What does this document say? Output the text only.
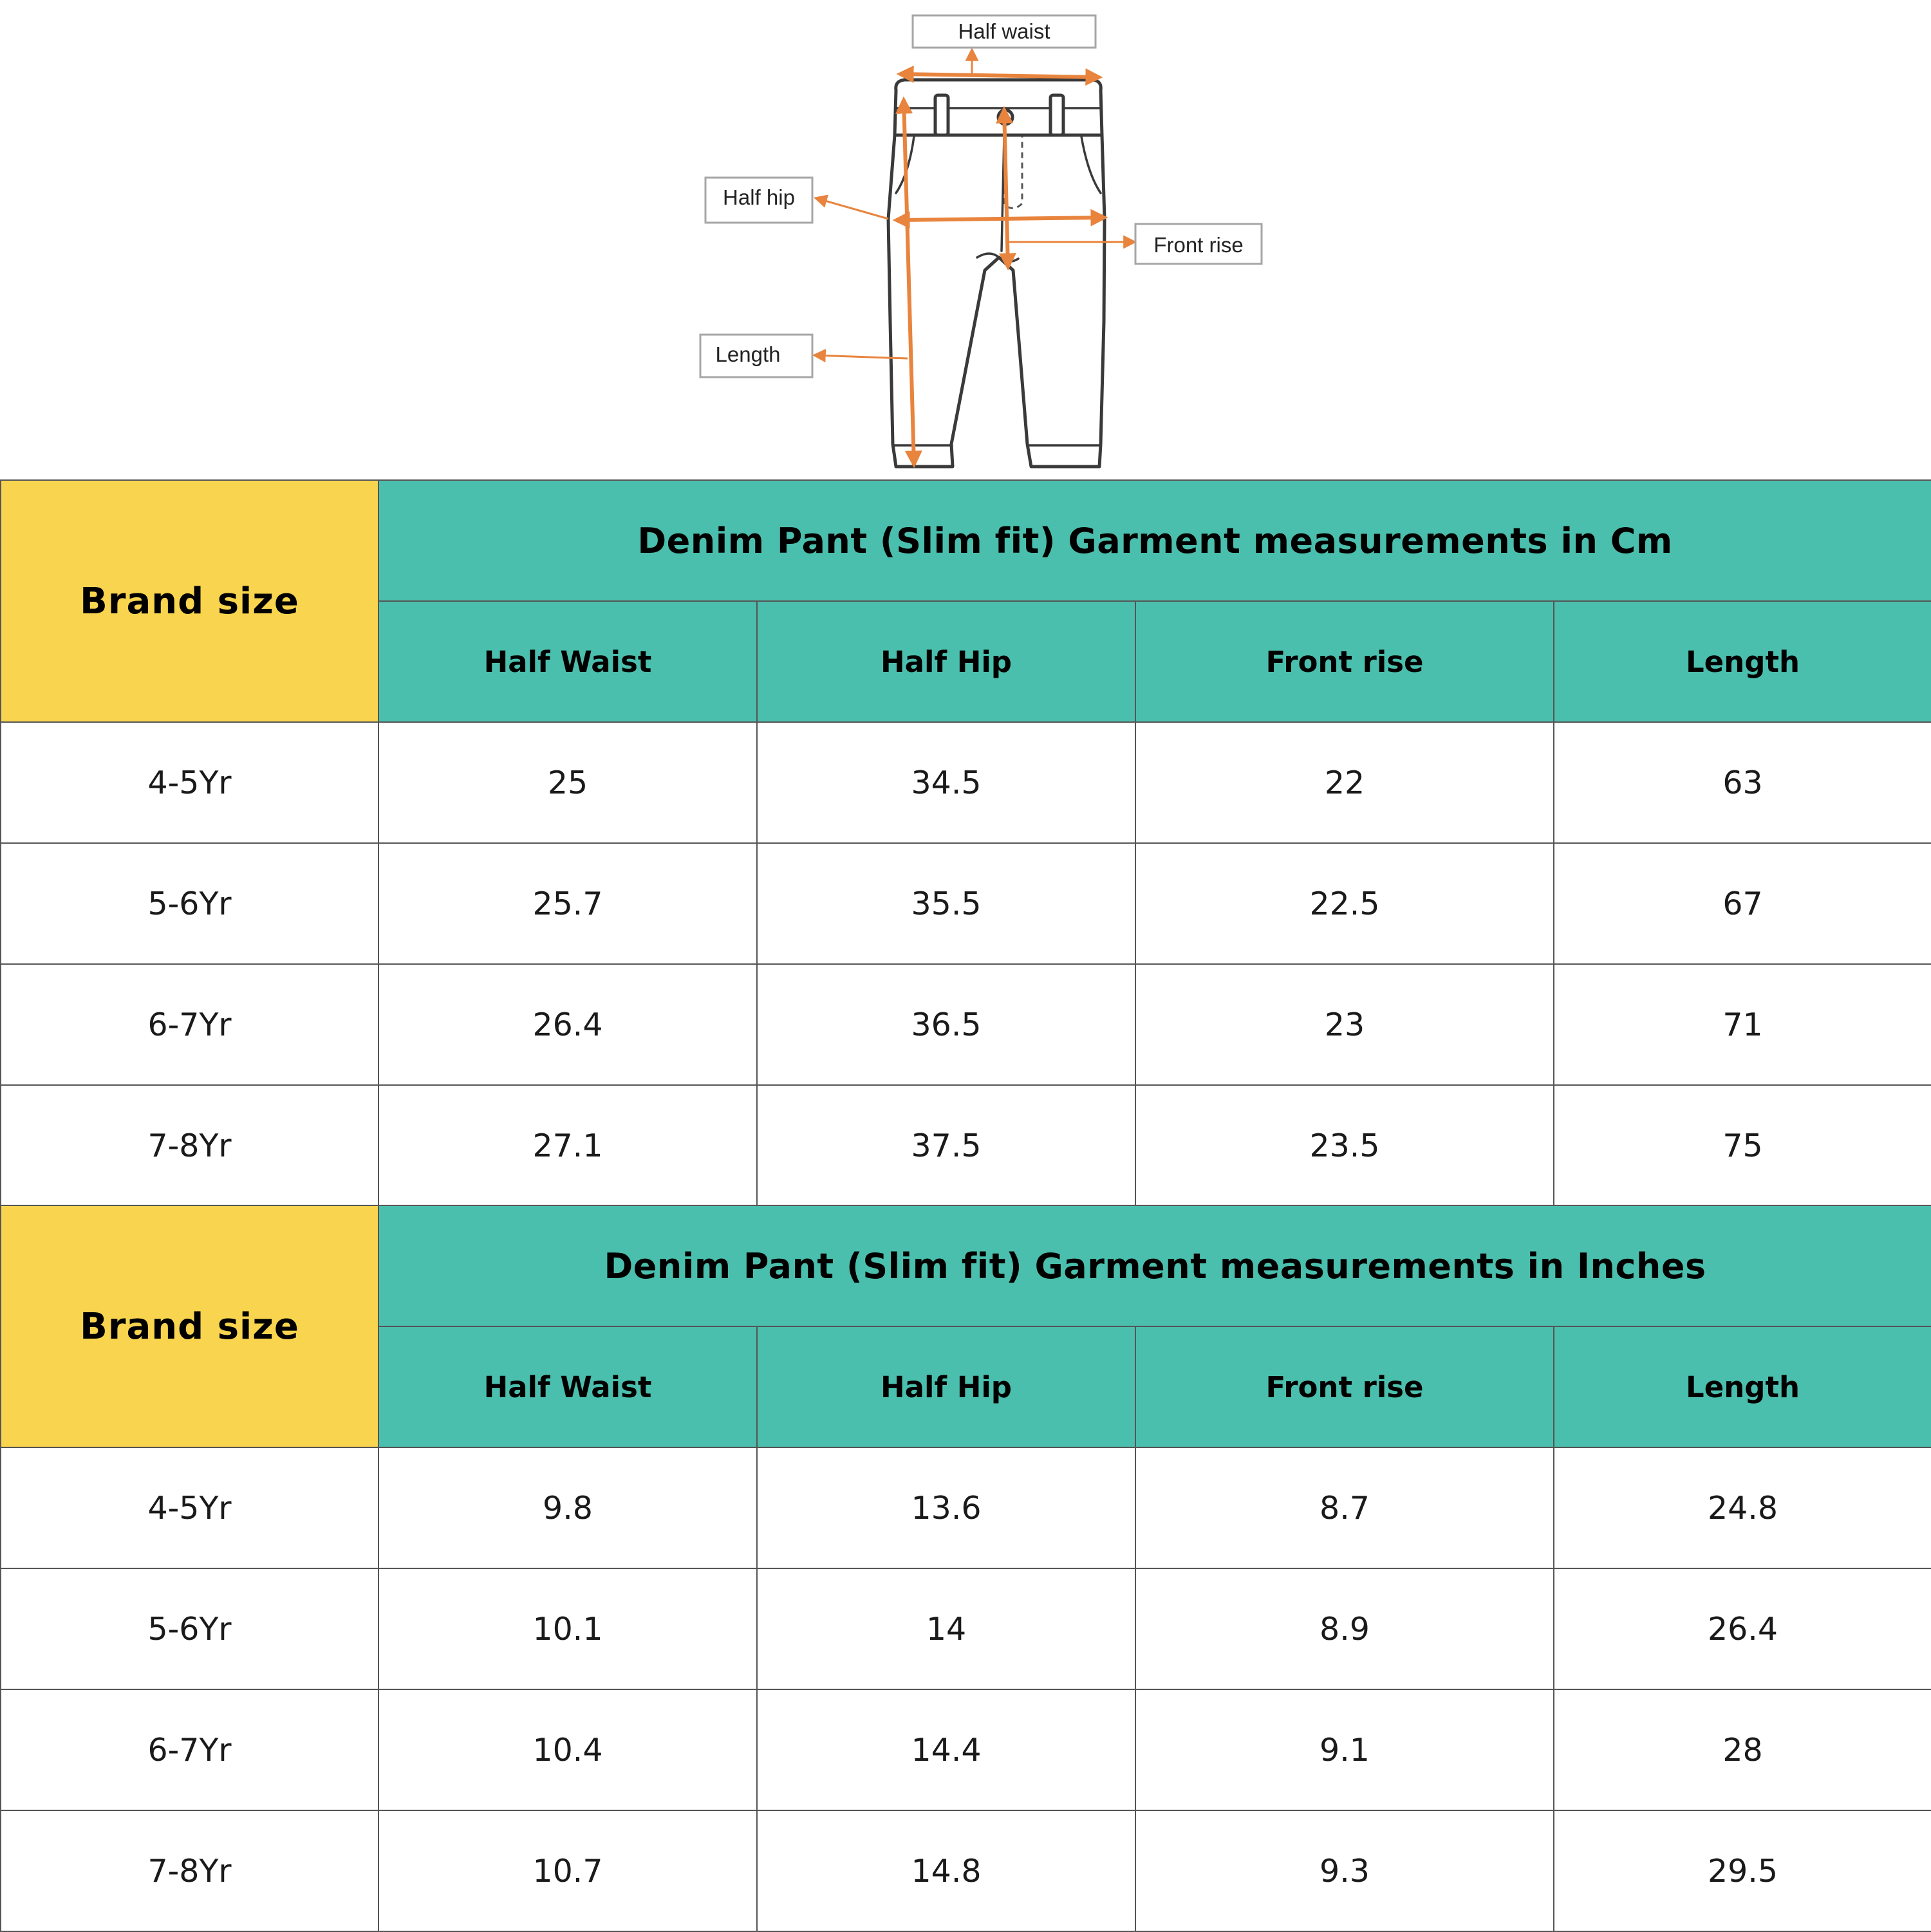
Half waist
Half hip
Front rise
Length
Brand size	Denim Pant (Slim fit) Garment measurements in Cm			
	Half Waist	Half Hip	Front rise	Length
4-5Yr	25	34.5	22	63
5-6Yr	25.7	35.5	22.5	67
6-7Yr	26.4	36.5	23	71
7-8Yr	27.1	37.5	23.5	75
Brand size	Denim Pant (Slim fit) Garment measurements in Inches			
	Half Waist	Half Hip	Front rise	Length
4-5Yr	9.8	13.6	8.7	24.8
5-6Yr	10.1	14	8.9	26.4
6-7Yr	10.4	14.4	9.1	28
7-8Yr	10.7	14.8	9.3	29.5
